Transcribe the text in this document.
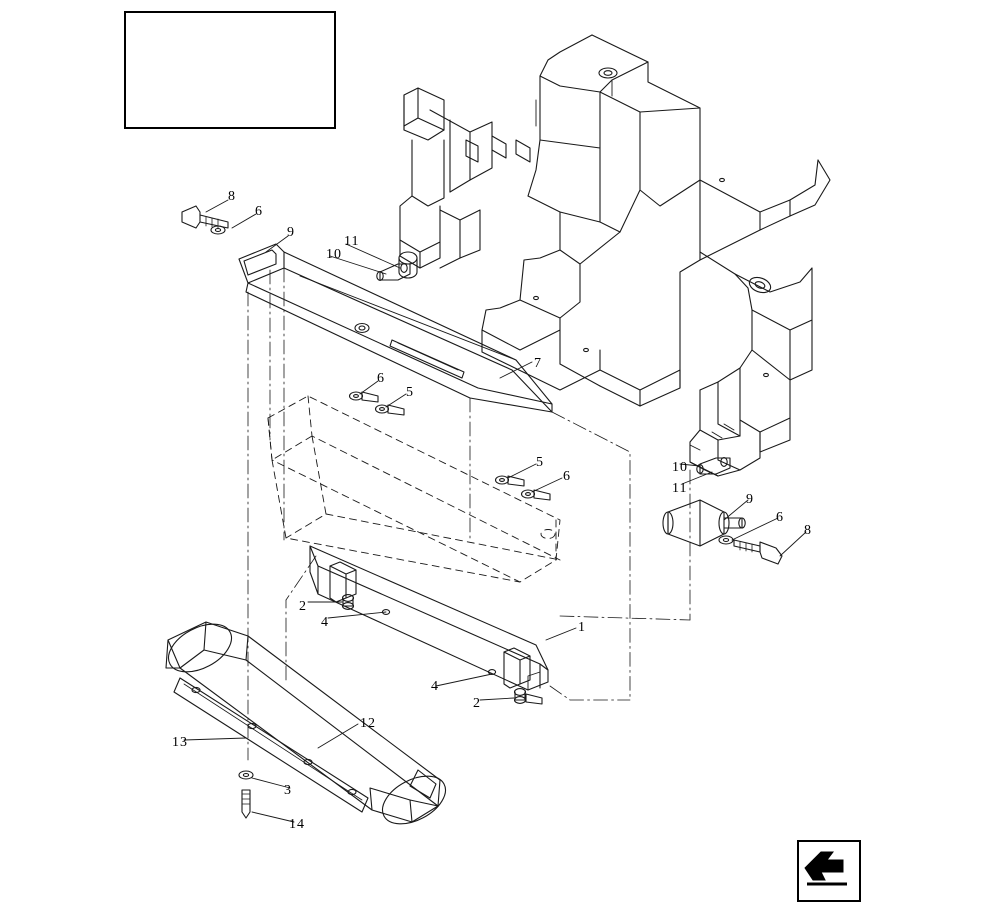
8
6
9
11
10
7
6
5
5
6
10
11
9
6
8
2
4	1
4
2
12
13
3
14
